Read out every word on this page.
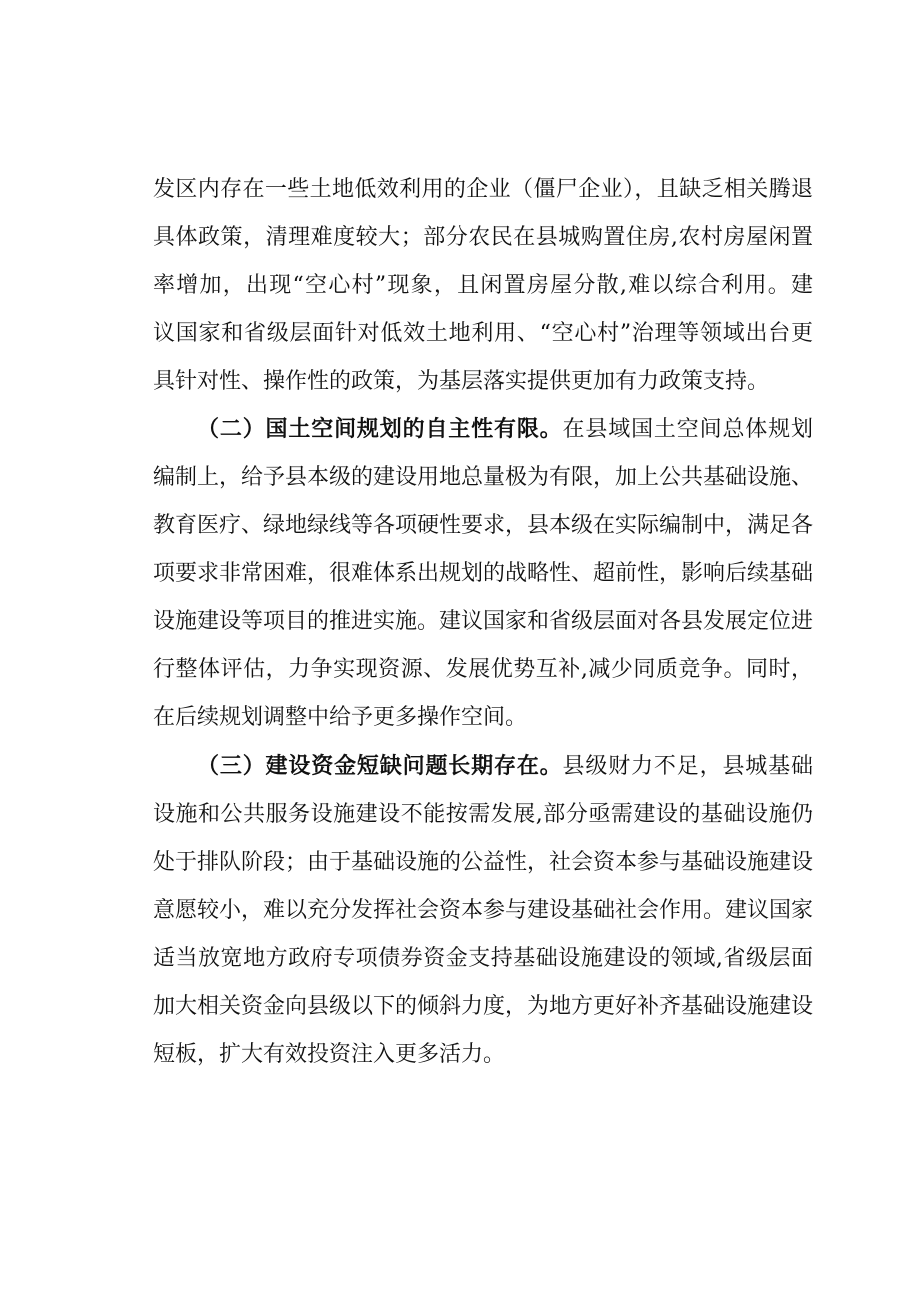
发区内存在一些土地低效利用的企业（僵尸企业），且缺乏相关腾退
具体政策，清理难度较大；部分农民在县城购置住房,农村房屋闲置
率增加，出现“空心村”现象，且闲置房屋分散,难以综合利用。建
议国家和省级层面针对低效土地利用、“空心村”治理等领域出台更
具针对性、操作性的政策，为基层落实提供更加有力政策支持。
（二）国土空间规划的自主性有限。在县域国土空间总体规划
编制上，给予县本级的建设用地总量极为有限，加上公共基础设施、
教育医疗、绿地绿线等各项硬性要求，县本级在实际编制中，满足各
项要求非常困难，很难体系出规划的战略性、超前性，影响后续基础
设施建设等项目的推进实施。建议国家和省级层面对各县发展定位进
行整体评估，力争实现资源、发展优势互补,减少同质竞争。同时，
在后续规划调整中给予更多操作空间。
（三）建设资金短缺问题长期存在。县级财力不足，县城基础
设施和公共服务设施建设不能按需发展,部分亟需建设的基础设施仍
处于排队阶段；由于基础设施的公益性，社会资本参与基础设施建设
意愿较小，难以充分发挥社会资本参与建设基础社会作用。建议国家
适当放宽地方政府专项债券资金支持基础设施建设的领域,省级层面
加大相关资金向县级以下的倾斜力度，为地方更好补齐基础设施建设
短板，扩大有效投资注入更多活力。
